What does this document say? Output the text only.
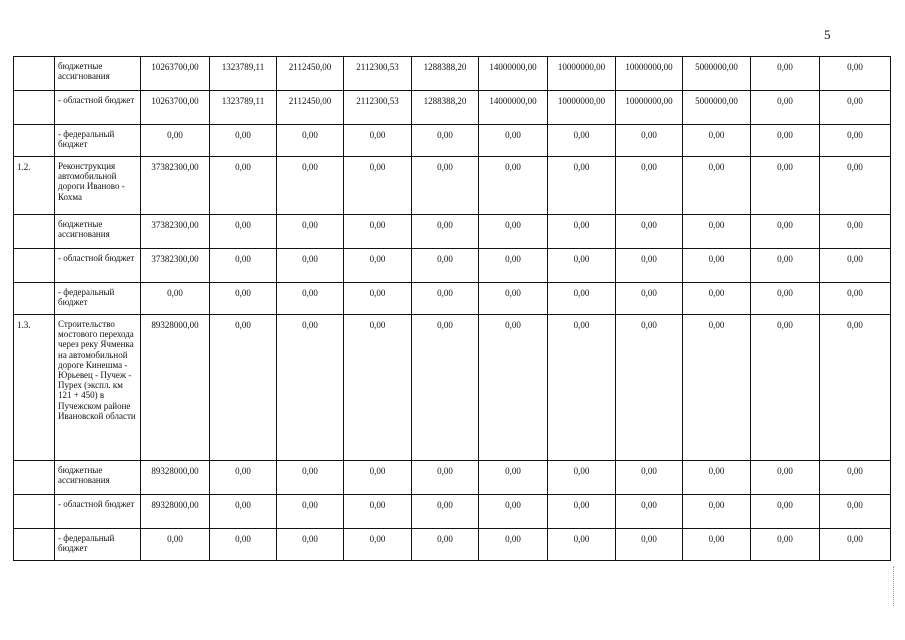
5
	бюджетные ассигнования	10263700,00	1323789,11	2112450,00	2112300,53	1288388,20	14000000,00	10000000,00	10000000,00	5000000,00	0,00	0,00
	- областной бюджет	10263700,00	1323789,11	2112450,00	2112300,53	1288388,20	14000000,00	10000000,00	10000000,00	5000000,00	0,00	0,00
	- федеральный бюджет	0,00	0,00	0,00	0,00	0,00	0,00	0,00	0,00	0,00	0,00	0,00
1.2.	Реконструкция автомобильной дороги Иваново - Кохма	37382300,00	0,00	0,00	0,00	0,00	0,00	0,00	0,00	0,00	0,00	0,00
	бюджетные ассигнования	37382300,00	0,00	0,00	0,00	0,00	0,00	0,00	0,00	0,00	0,00	0,00
	- областной бюджет	37382300,00	0,00	0,00	0,00	0,00	0,00	0,00	0,00	0,00	0,00	0,00
	- федеральный бюджет	0,00	0,00	0,00	0,00	0,00	0,00	0,00	0,00	0,00	0,00	0,00
1.3.	Строительство мостового перехода через реку Ячменка на автомобильной дороге Кинешма - Юрьевец - Пучеж - Пурех (экспл. км 121 + 450) в Пучежском районе Ивановской области	89328000,00	0,00	0,00	0,00	0,00	0,00	0,00	0,00	0,00	0,00	0,00
	бюджетные ассигнования	89328000,00	0,00	0,00	0,00	0,00	0,00	0,00	0,00	0,00	0,00	0,00
	- областной бюджет	89328000,00	0,00	0,00	0,00	0,00	0,00	0,00	0,00	0,00	0,00	0,00
	- федеральный бюджет	0,00	0,00	0,00	0,00	0,00	0,00	0,00	0,00	0,00	0,00	0,00
